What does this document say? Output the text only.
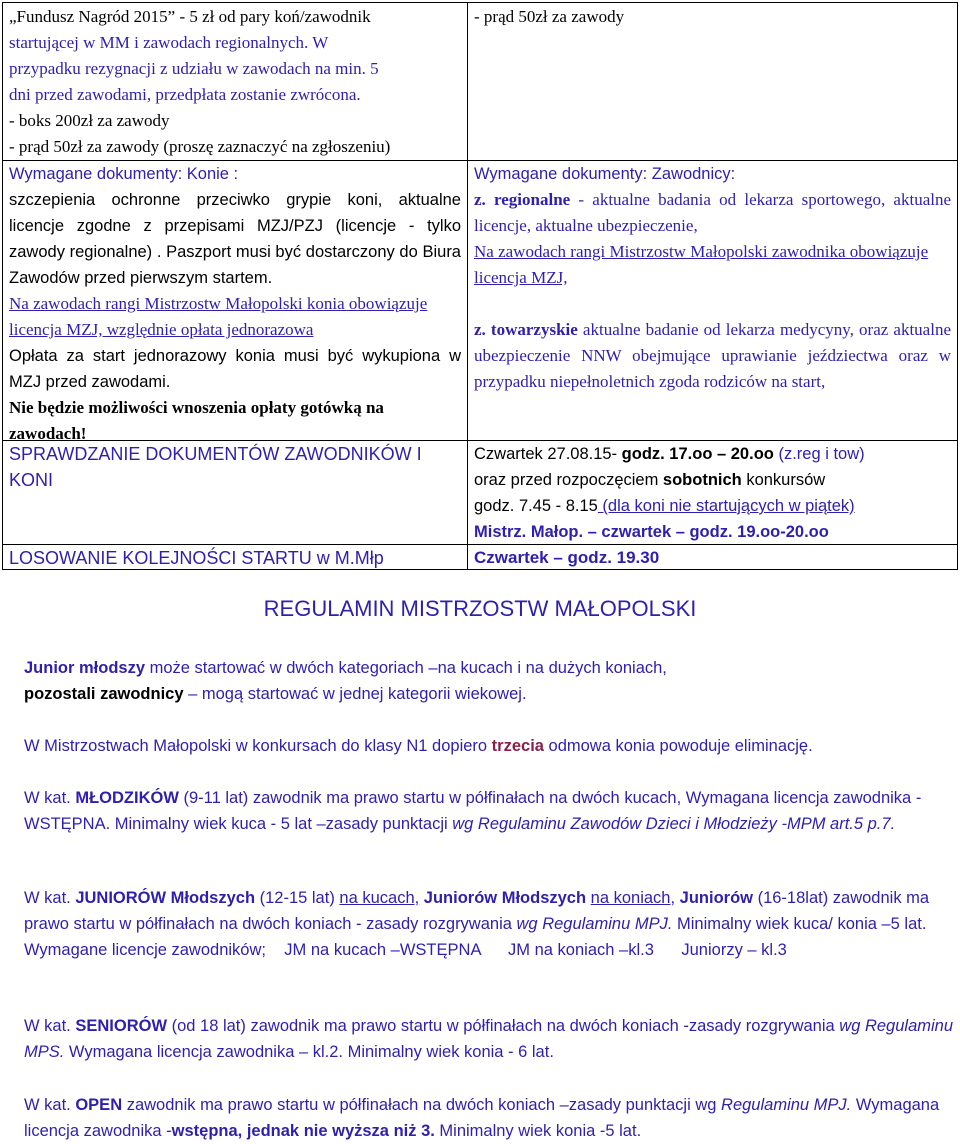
„Fundusz Nagród 2015” - 5 zł od pary koń/zawodnik

startującej w MM i zawodach regionalnych. W

przypadku rezygnacji z udziału w zawodach na min. 5

dni przed zawodami, przedpłata zostanie zwrócona.

- boks 200zł za zawody

- prąd 50zł za zawody (proszę zaznaczyć na zgłoszeniu)

- prąd 50zł za zawody

Wymagane dokumenty: Konie :

szczepienia ochronne przeciwko grypie koni, aktualne licencje zgodne z przepisami MZJ/PZJ (licencje - tylko zawody regionalne) . Paszport musi być dostarczony do Biura Zawodów przed pierwszym startem.

Na zawodach rangi Mistrzostw Małopolski konia obowiązuje licencja MZJ, względnie opłata jednorazowa

Opłata za start jednorazowy konia musi być wykupiona w MZJ przed zawodami.

Nie będzie możliwości wnoszenia opłaty gotówką na zawodach!

Wymagane dokumenty: Zawodnicy:

z. regionalne - aktualne badania od lekarza sportowego, aktualne licencje, aktualne ubezpieczenie,

Na zawodach rangi Mistrzostw Małopolski zawodnika obowiązuje licencja MZJ,

z. towarzyskie aktualne badanie od lekarza medycyny, oraz aktualne ubezpieczenie NNW obejmujące uprawianie jeździectwa oraz w przypadku niepełnoletnich zgoda rodziców na start,

SPRAWDZANIE DOKUMENTÓW ZAWODNIKÓW I KONI

Czwartek 27.08.15- godz. 17.oo – 20.oo (z.reg i tow)

oraz przed rozpoczęciem sobotnich konkursów

godz. 7.45 - 8.15 (dla koni nie startujących w piątek)

Mistrz. Małop. – czwartek – godz. 19.oo-20.oo

LOSOWANIE KOLEJNOŚCI STARTU w M.Młp	Czwartek – godz. 19.30

REGULAMIN MISTRZOSTW MAŁOPOLSKI

Junior młodszy może startować w dwóch kategoriach –na kucach i na dużych koniach,

pozostali zawodnicy – mogą startować w jednej kategorii wiekowej.

W Mistrzostwach Małopolski w konkursach do klasy N1 dopiero trzecia odmowa konia powoduje eliminację.

W kat. MŁODZIKÓW (9-11 lat) zawodnik ma prawo startu w półfinałach na dwóch kucach, Wymagana licencja zawodnika -WSTĘPNA. Minimalny wiek kuca - 5 lat –zasady punktacji wg Regulaminu Zawodów Dzieci i Młodzieży -MPM art.5 p.7.

W kat. JUNIORÓW Młodszych (12-15 lat) na kucach, Juniorów Młodszych na koniach, Juniorów (16-18lat) zawodnik ma prawo startu w półfinałach na dwóch koniach - zasady rozgrywania wg Regulaminu MPJ. Minimalny wiek kuca/ konia –5 lat.

Wymagane licencje zawodników;    JM na kucach –WSTĘPNA      JM na koniach –kl.3      Juniorzy – kl.3

W kat. SENIORÓW (od 18 lat) zawodnik ma prawo startu w półfinałach na dwóch koniach -zasady rozgrywania wg Regulaminu MPS. Wymagana licencja zawodnika – kl.2. Minimalny wiek konia - 6 lat.

W kat. OPEN zawodnik ma prawo startu w półfinałach na dwóch koniach –zasady punktacji wg Regulaminu MPJ. Wymagana licencja zawodnika -wstępna, jednak nie wyższa niż 3. Minimalny wiek konia -5 lat.
